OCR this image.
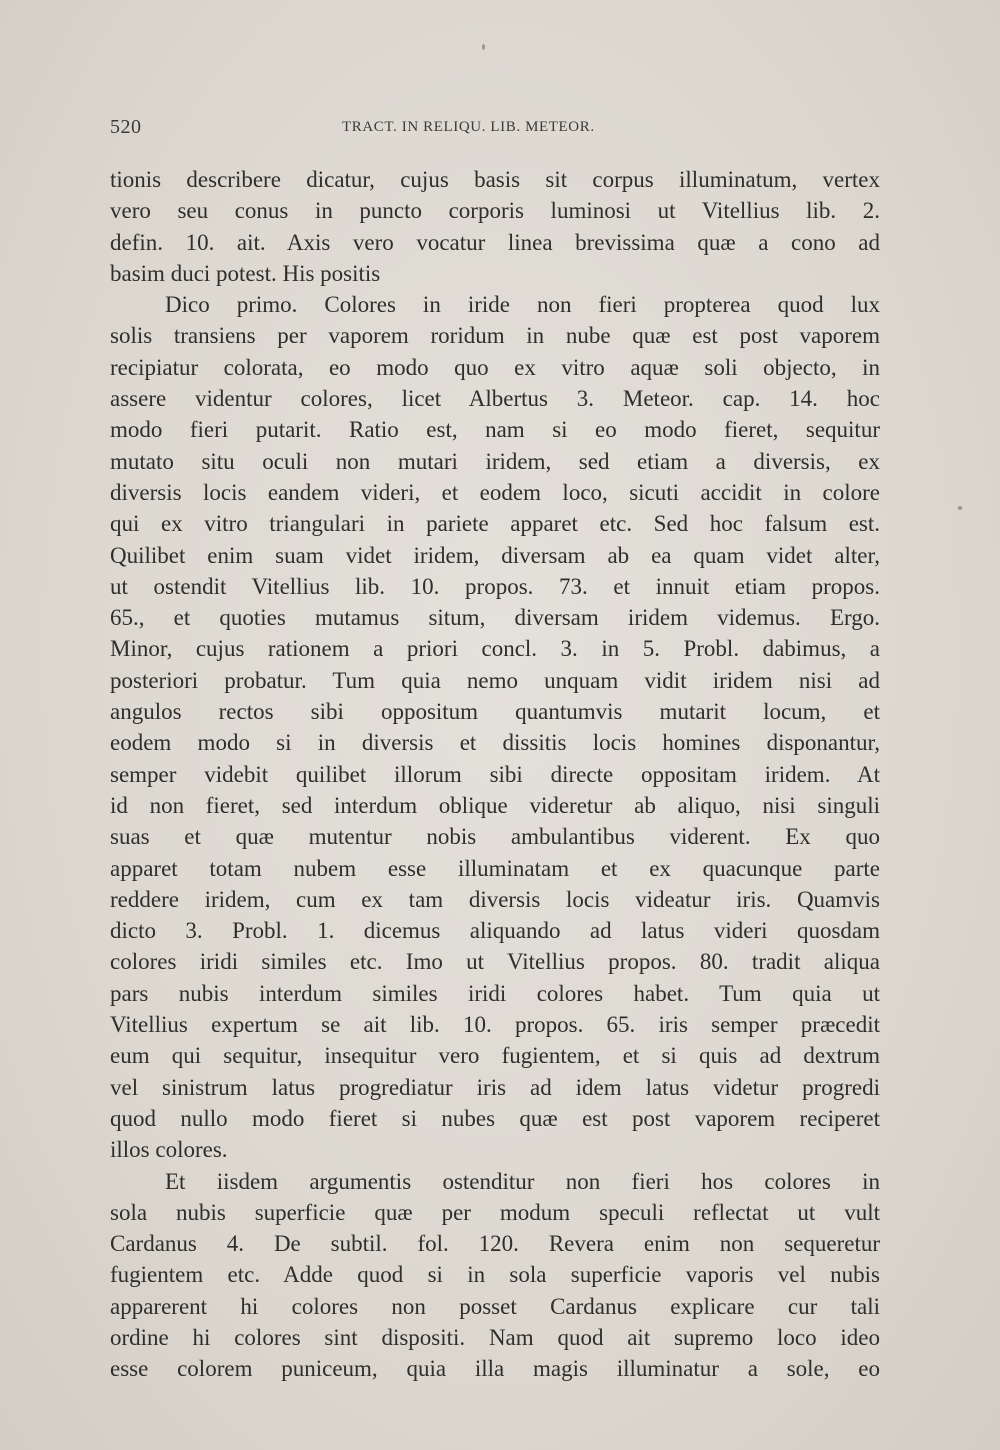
520	TRACT. IN RELIQU. LIB. METEOR.
tionis describere dicatur, cujus basis sit corpus illuminatum, vertex
vero seu conus in puncto corporis luminosi ut Vitellius lib. 2.
defin. 10. ait. Axis vero vocatur linea brevissima quæ a cono ad
basim duci potest. His positis
Dico primo. Colores in iride non fieri propterea quod lux
solis transiens per vaporem roridum in nube quæ est post vaporem
recipiatur colorata, eo modo quo ex vitro aquæ soli objecto, in
assere videntur colores, licet Albertus 3. Meteor. cap. 14. hoc
modo fieri putarit. Ratio est, nam si eo modo fieret, sequitur
mutato situ oculi non mutari iridem, sed etiam a diversis, ex
diversis locis eandem videri, et eodem loco, sicuti accidit in colore
qui ex vitro triangulari in pariete apparet etc. Sed hoc falsum est.
Quilibet enim suam videt iridem, diversam ab ea quam videt alter,
ut ostendit Vitellius lib. 10. propos. 73. et innuit etiam propos.
65., et quoties mutamus situm, diversam iridem videmus. Ergo.
Minor, cujus rationem a priori concl. 3. in 5. Probl. dabimus, a
posteriori probatur. Tum quia nemo unquam vidit iridem nisi ad
angulos rectos sibi oppositum quantumvis mutarit locum, et
eodem modo si in diversis et dissitis locis homines disponantur,
semper videbit quilibet illorum sibi directe oppositam iridem. At
id non fieret, sed interdum oblique videretur ab aliquo, nisi singuli
suas et quæ mutentur nobis ambulantibus viderent. Ex quo
apparet totam nubem esse illuminatam et ex quacunque parte
reddere iridem, cum ex tam diversis locis videatur iris. Quamvis
dicto 3. Probl. 1. dicemus aliquando ad latus videri quosdam
colores iridi similes etc. Imo ut Vitellius propos. 80. tradit aliqua
pars nubis interdum similes iridi colores habet. Tum quia ut
Vitellius expertum se ait lib. 10. propos. 65. iris semper præcedit
eum qui sequitur, insequitur vero fugientem, et si quis ad dextrum
vel sinistrum latus progrediatur iris ad idem latus videtur progredi
quod nullo modo fieret si nubes quæ est post vaporem reciperet
illos colores.
Et iisdem argumentis ostenditur non fieri hos colores in
sola nubis superficie quæ per modum speculi reflectat ut vult
Cardanus 4. De subtil. fol. 120. Revera enim non sequeretur
fugientem etc. Adde quod si in sola superficie vaporis vel nubis
apparerent hi colores non posset Cardanus explicare cur tali
ordine hi colores sint dispositi. Nam quod ait supremo loco ideo
esse colorem puniceum, quia illa magis illuminatur a sole, eo
